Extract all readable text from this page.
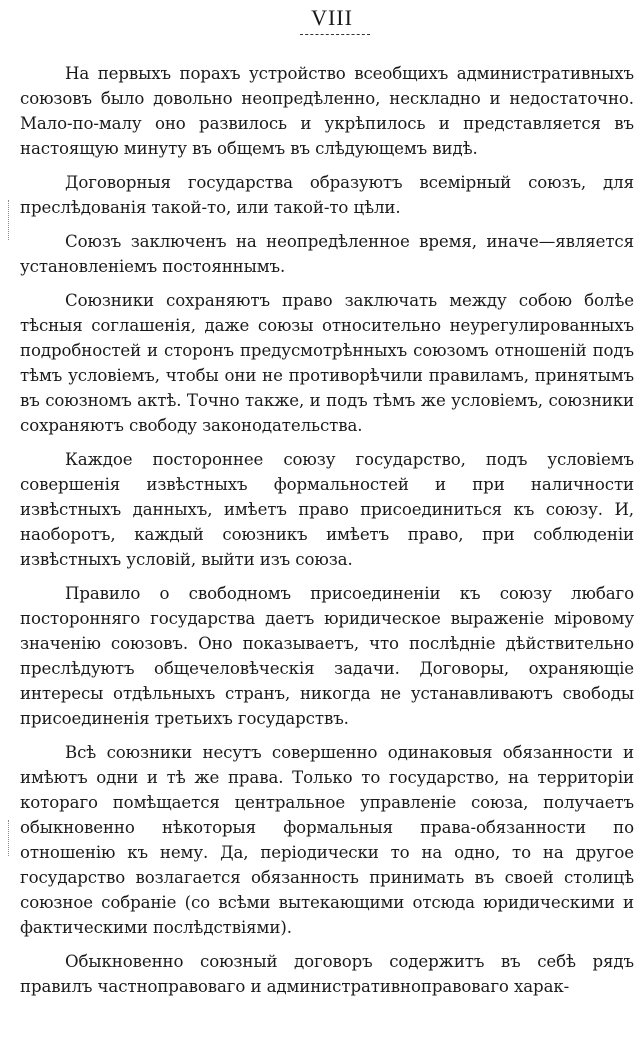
VIII

На первыхъ порахъ устройство всеобщихъ административныхъ союзовъ было довольно неопредѣленно, нескладно и недостаточно. Мало-по-малу оно развилось и укрѣпилось и представляется въ настоящую минуту въ общемъ въ слѣдующемъ видѣ.

Договорныя государства образуютъ всемірный союзъ, для преслѣдованія такой-то, или такой-то цѣли.

Союзъ заключенъ на неопредѣленное время, иначе—является установленіемъ постояннымъ.

Союзники сохраняютъ право заключать между собою болѣе тѣсныя соглашенія, даже союзы относительно неурегулированныхъ подробностей и сторонъ предусмотрѣнныхъ союзомъ отношеній подъ тѣмъ условіемъ, чтобы они не противорѣчили правиламъ, принятымъ въ союзномъ актѣ. Точно также, и подъ тѣмъ же условіемъ, союзники сохраняютъ свободу законодательства.

Каждое постороннее союзу государство, подъ условіемъ совершенія извѣстныхъ формальностей и при наличности извѣстныхъ данныхъ, имѣетъ право присоединиться къ союзу. И, наоборотъ, каждый союзникъ имѣетъ право, при соблюденіи извѣстныхъ условій, выйти изъ союза.

Правило о свободномъ присоединеніи къ союзу любаго посторонняго государства даетъ юридическое выраженіе міровому значенію союзовъ. Оно показываетъ, что послѣдніе дѣйствительно преслѣдуютъ общечеловѣческія задачи. Договоры, охраняющіе интересы отдѣльныхъ странъ, никогда не устанавливаютъ свободы присоединенія третьихъ государствъ.

Всѣ союзники несутъ совершенно одинаковыя обязанности и имѣютъ одни и тѣ же права. Только то государство, на территоріи котораго помѣщается центральное управленіе союза, получаетъ обыкновенно нѣкоторыя формальныя права-обязанности по отношенію къ нему. Да, періодически то на одно, то на другое государство возлагается обязанность принимать въ своей столицѣ союзное собраніе (со всѣми вытекающими отсюда юридическими и фактическими послѣдствіями).

Обыкновенно союзный договоръ содержитъ въ себѣ рядъ правилъ частноправоваго и административноправоваго харак-
